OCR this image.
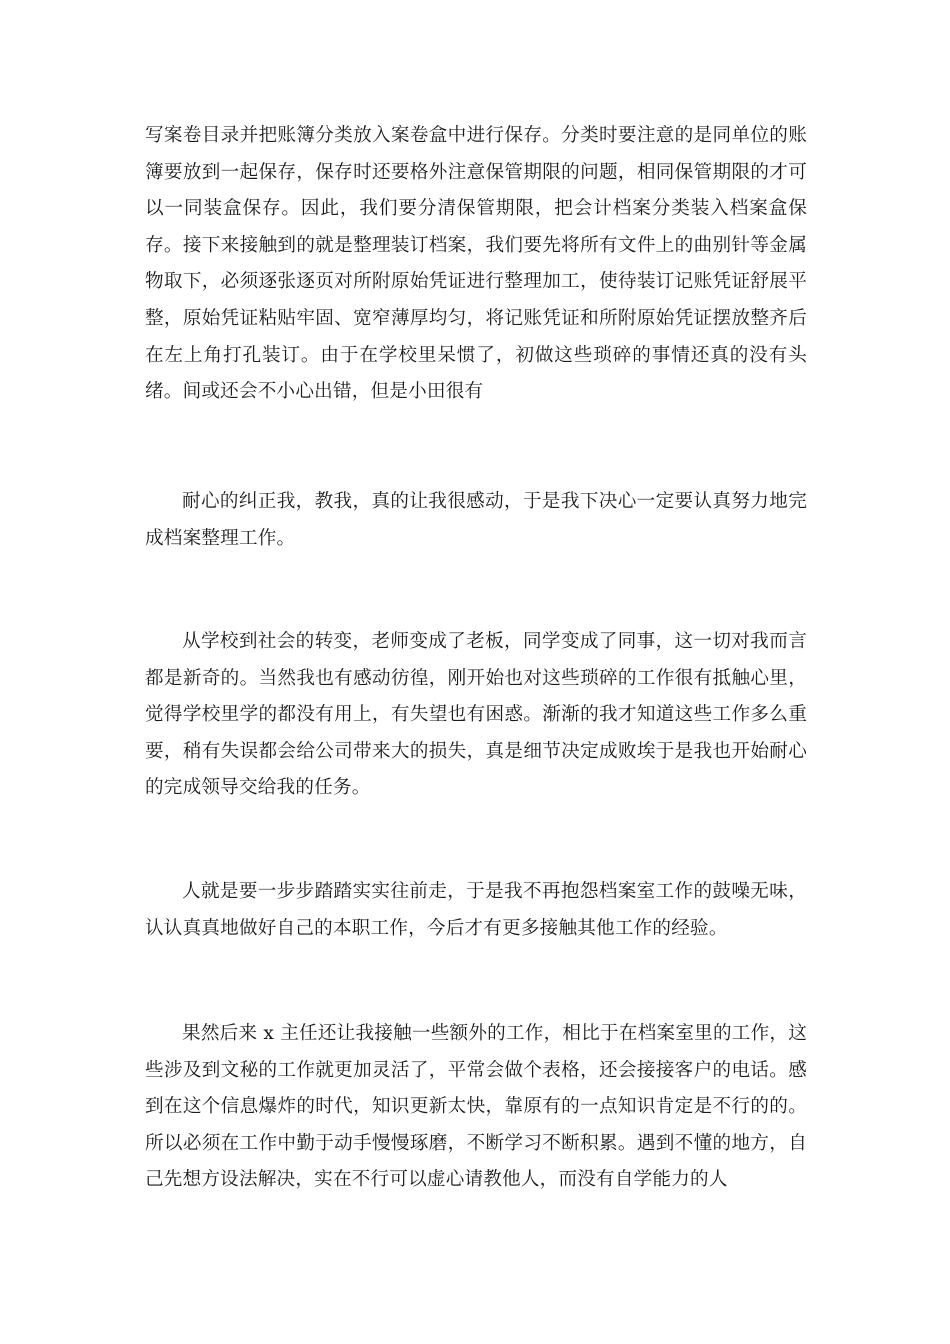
写案卷目录并把账簿分类放入案卷盒中进行保存。分类时要注意的是同单位的账簿要放到一起保存，保存时还要格外注意保管期限的问题，相同保管期限的才可以一同装盒保存。因此，我们要分清保管期限，把会计档案分类装入档案盒保存。接下来接触到的就是整理装订档案，我们要先将所有文件上的曲别针等金属物取下，必须逐张逐页对所附原始凭证进行整理加工，使待装订记账凭证舒展平整，原始凭证粘贴牢固、宽窄薄厚均匀，将记账凭证和所附原始凭证摆放整齐后在左上角打孔装订。由于在学校里呆惯了，初做这些琐碎的事情还真的没有头绪。间或还会不小心出错，但是小田很有

耐心的纠正我，教我，真的让我很感动，于是我下决心一定要认真努力地完成档案整理工作。

从学校到社会的转变，老师变成了老板，同学变成了同事，这一切对我而言都是新奇的。当然我也有感动彷徨，刚开始也对这些琐碎的工作很有抵触心里，觉得学校里学的都没有用上，有失望也有困惑。渐渐的我才知道这些工作多么重要，稍有失误都会给公司带来大的损失，真是细节决定成败埃于是我也开始耐心的完成领导交给我的任务。

人就是要一步步踏踏实实往前走，于是我不再抱怨档案室工作的鼓噪无味，认认真真地做好自己的本职工作，今后才有更多接触其他工作的经验。

果然后来 x 主任还让我接触一些额外的工作，相比于在档案室里的工作，这些涉及到文秘的工作就更加灵活了，平常会做个表格，还会接接客户的电话。感到在这个信息爆炸的时代，知识更新太快，靠原有的一点知识肯定是不行的的。所以必须在工作中勤于动手慢慢琢磨，不断学习不断积累。遇到不懂的地方，自己先想方设法解决，实在不行可以虚心请教他人，而没有自学能力的人
